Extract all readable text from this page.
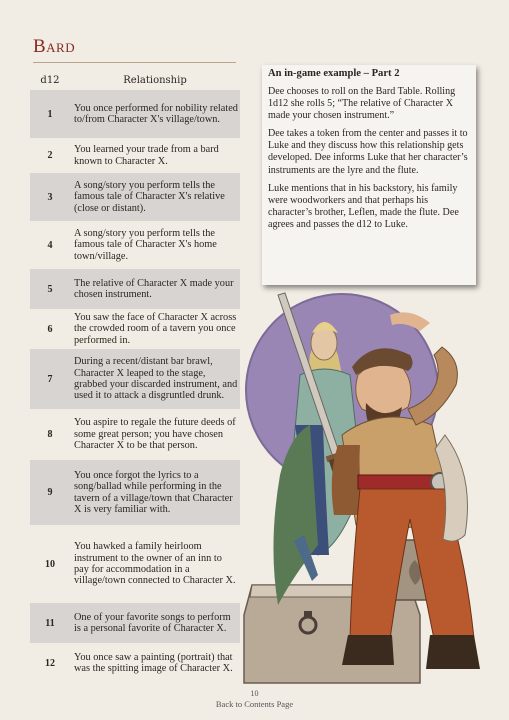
Bard
d12	Relationship
1
You once performed for nobility related to/from Character X's village/town.
2
You learned your trade from a bard known to Character X.
3
A song/story you perform tells the famous tale of Character X's relative (close or distant).
4
A song/story you perform tells the famous tale of Character X's home town/village.
5
The relative of Character X made your chosen instrument.
6
You saw the face of Character X across the crowded room of a tavern you once performed in.
7
During a recent/distant bar brawl, Character X leaped to the stage, grabbed your discarded instrument, and used it to attack a disgruntled drunk.
8
You aspire to regale the future deeds of some great person; you have chosen Character X to be that person.
9
You once forgot the lyrics to a song/ballad while performing in the tavern of a village/town that Character X is very familiar with.
10
You hawked a family heirloom instrument to the owner of an inn to pay for accommodation in a village/town connected to Character X.
11
One of your favorite songs to perform is a personal favorite of Character X.
12
You once saw a painting (portrait) that was the spitting image of Character X.
An in-game example – Part 2

Dee chooses to roll on the Bard Table. Rolling 1d12 she rolls 5; “The relative of Character X made your chosen instrument.”

Dee takes a token from the center and passes it to Luke and they discuss how this relationship gets developed. Dee informs Luke that her character’s instruments are the lyre and the flute.

Luke mentions that in his backstory, his family were woodworkers and that perhaps his character’s brother, Leflen, made the flute. Dee agrees and passes the d12 to Luke.

10
Back to Contents Page
